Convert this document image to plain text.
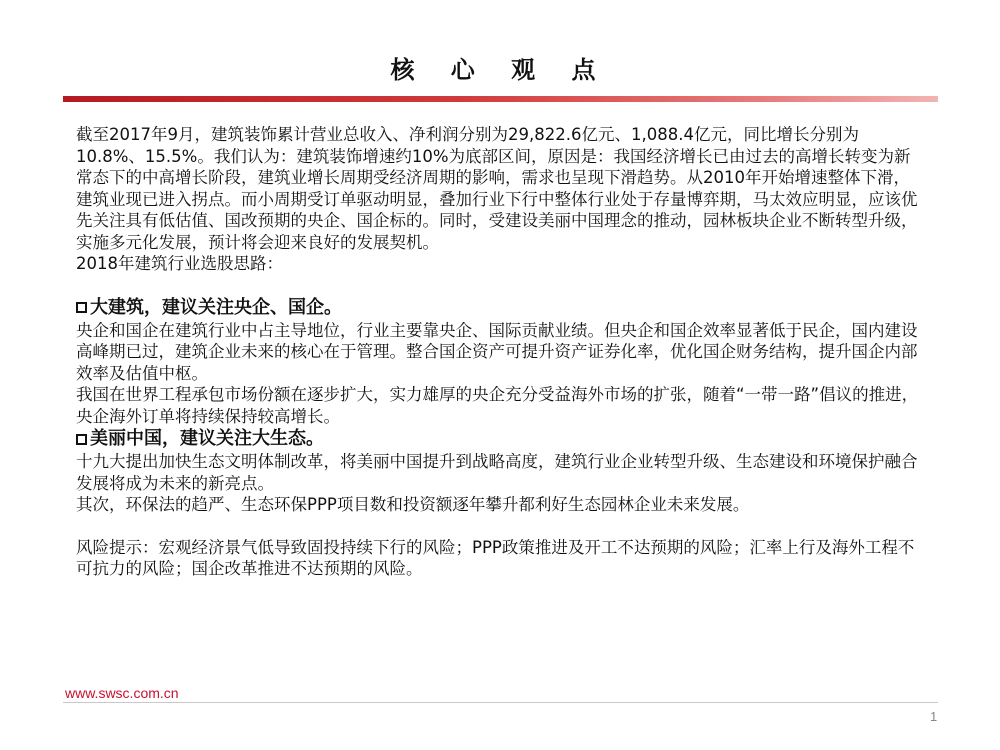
核 心 观 点

截至2017年9月，建筑装饰累计营业总收入、净利润分别为29,822.6亿元、1,088.4亿元，同比增长分别为10.8%、15.5%。我们认为：建筑装饰增速约10%为底部区间，原因是：我国经济增长已由过去的高增长转变为新常态下的中高增长阶段，建筑业增长周期受经济周期的影响，需求也呈现下滑趋势。从2010年开始增速整体下滑，建筑业现已进入拐点。而小周期受订单驱动明显，叠加行业下行中整体行业处于存量博弈期，马太效应明显，应该优先关注具有低估值、国改预期的央企、国企标的。同时，受建设美丽中国理念的推动，园林板块企业不断转型升级，实施多元化发展，预计将会迎来良好的发展契机。

2018年建筑行业选股思路：

大建筑，建议关注央企、国企。

央企和国企在建筑行业中占主导地位，行业主要靠央企、国际贡献业绩。但央企和国企效率显著低于民企，国内建设高峰期已过，建筑企业未来的核心在于管理。整合国企资产可提升资产证券化率，优化国企财务结构，提升国企内部效率及估值中枢。

我国在世界工程承包市场份额在逐步扩大，实力雄厚的央企充分受益海外市场的扩张，随着“一带一路”倡议的推进，央企海外订单将持续保持较高增长。

美丽中国，建议关注大生态。

十九大提出加快生态文明体制改革，将美丽中国提升到战略高度，建筑行业企业转型升级、生态建设和环境保护融合发展将成为未来的新亮点。

其次，环保法的趋严、生态环保PPP项目数和投资额逐年攀升都利好生态园林企业未来发展。

风险提示：宏观经济景气低导致固投持续下行的风险；PPP政策推进及开工不达预期的风险；汇率上行及海外工程不可抗力的风险；国企改革推进不达预期的风险。

www.swsc.com.cn
1
